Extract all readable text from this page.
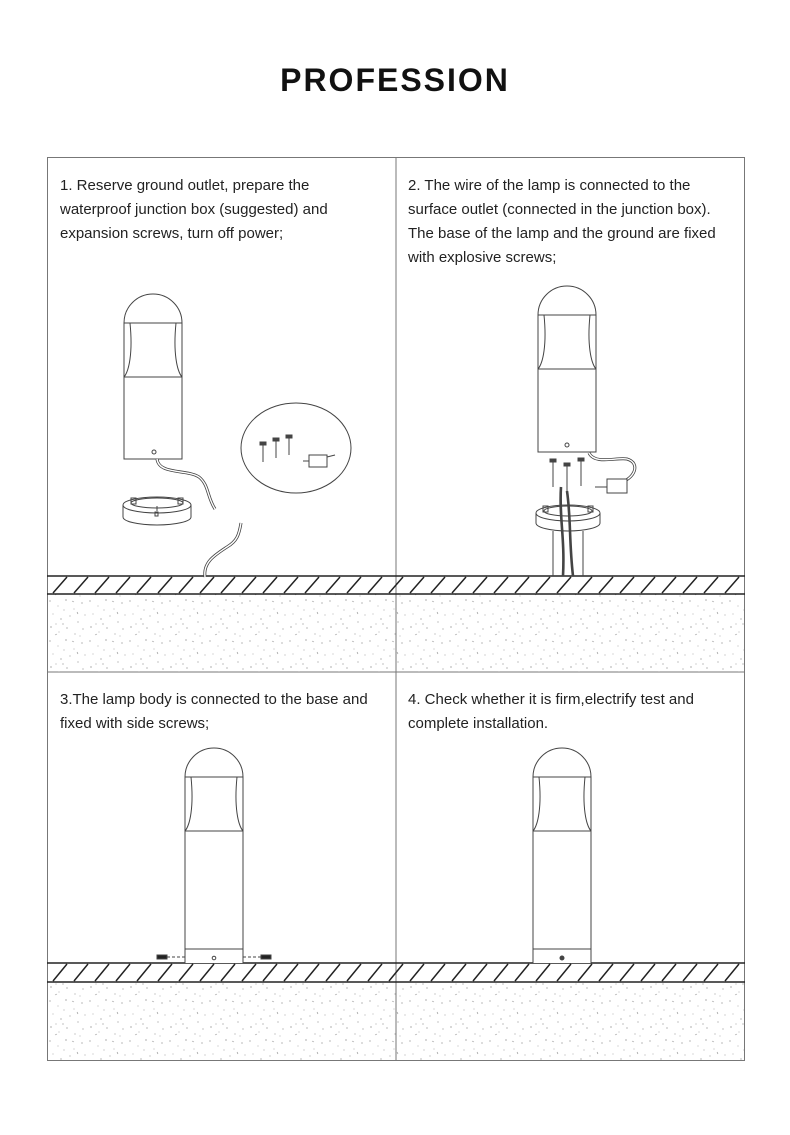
PROFESSION
1. Reserve ground outlet, prepare the waterproof junction box (suggested) and expansion screws, turn off power;
2. The wire of the lamp is connected to the surface outlet (connected in the junction box). The base of the lamp and the ground are fixed with explosive screws;
3.The lamp body is connected to the base and fixed with side screws;
4. Check whether it is firm,electrify test and complete installation.
